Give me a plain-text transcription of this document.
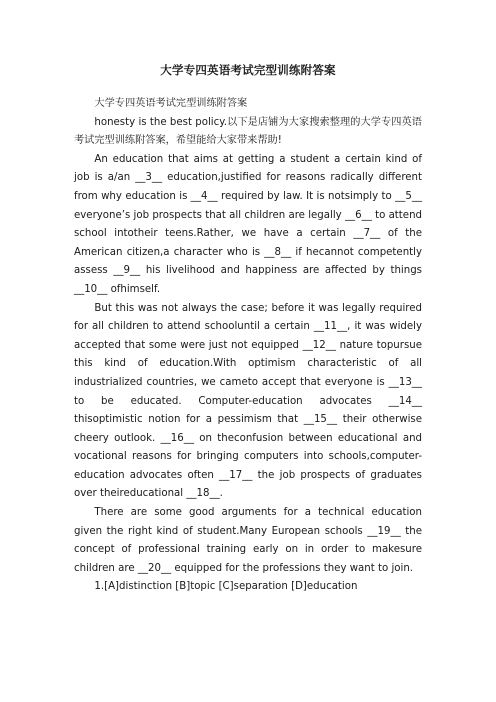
大学专四英语考试完型训练附答案

大学专四英语考试完型训练附答案

honesty is the best policy.以下是店铺为大家搜索整理的大学专四英语考试完型训练附答案，希望能给大家带来帮助!

An education that aims at getting a student a certain kind of job is a/an __3__ education,justified for reasons radically different from why education is __4__ required by law. It is notsimply to __5__ everyone’s job prospects that all children are legally __6__ to attend school intotheir teens.Rather, we have a certain __7__ of the American citizen,a character who is __8__ if hecannot competently assess __9__ his livelihood and happiness are affected by things __10__ ofhimself.

But this was not always the case; before it was legally required for all children to attend schooluntil a certain __11__, it was widely accepted that some were just not equipped __12__ nature topursue this kind of education.With optimism characteristic of all industrialized countries, we cameto accept that everyone is __13__ to be educated. Computer-education advocates __14__ thisoptimistic notion for a pessimism that __15__ their otherwise cheery outlook. __16__ on theconfusion between educational and vocational reasons for bringing computers into schools,computer-education advocates often __17__ the job prospects of graduates over theireducational __18__.

There are some good arguments for a technical education given the right kind of student.Many European schools __19__ the concept of professional training early on in order to makesure children are __20__ equipped for the professions they want to join.

1.[A]distinction [B]topic [C]separation [D]education
